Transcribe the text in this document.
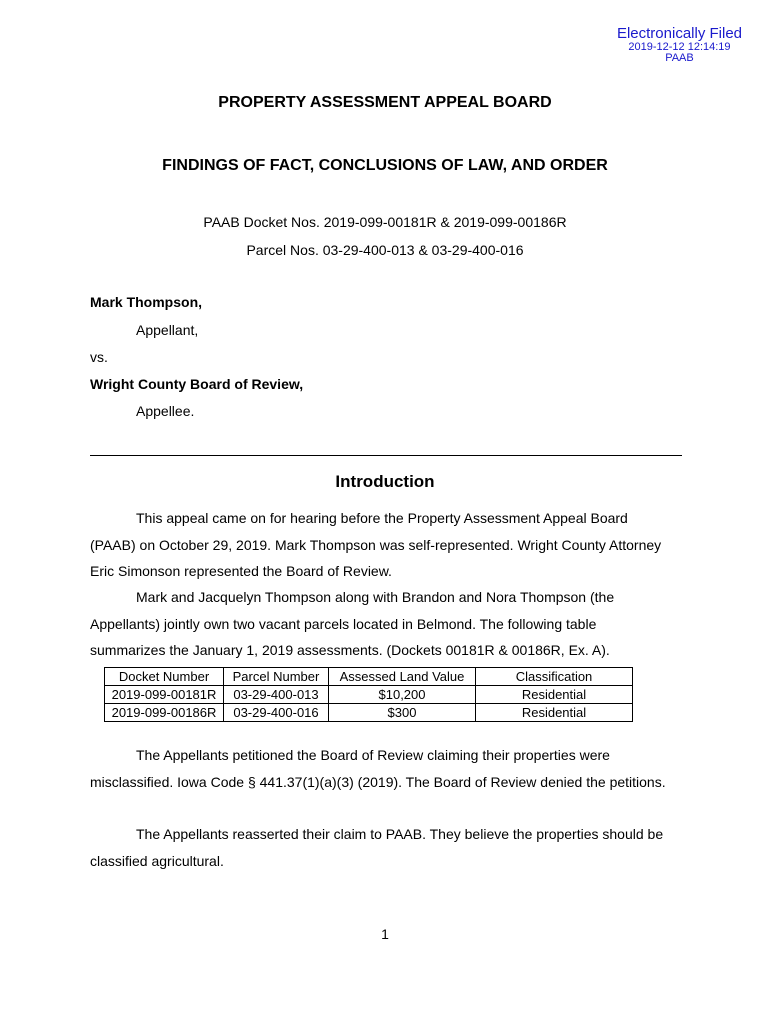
Electronically Filed
2019-12-12 12:14:19
PAAB
PROPERTY ASSESSMENT APPEAL BOARD
FINDINGS OF FACT, CONCLUSIONS OF LAW, AND ORDER
PAAB Docket Nos. 2019-099-00181R & 2019-099-00186R
Parcel Nos. 03-29-400-013 & 03-29-400-016
Mark Thompson,
Appellant,
vs.
Wright County Board of Review,
Appellee.
Introduction

This appeal came on for hearing before the Property Assessment Appeal Board (PAAB) on October 29, 2019. Mark Thompson was self-represented. Wright County Attorney Eric Simonson represented the Board of Review.

Mark and Jacquelyn Thompson along with Brandon and Nora Thompson (the Appellants) jointly own two vacant parcels located in Belmond. The following table summarizes the January 1, 2019 assessments. (Dockets 00181R & 00186R, Ex. A).

Docket Number	Parcel Number	Assessed Land Value	Classification
2019-099-00181R	03-29-400-013	$10,200	Residential
2019-099-00186R	03-29-400-016	$300	Residential

The Appellants petitioned the Board of Review claiming their properties were misclassified. Iowa Code § 441.37(1)(a)(3) (2019). The Board of Review denied the petitions.

The Appellants reasserted their claim to PAAB. They believe the properties should be classified agricultural.

1
